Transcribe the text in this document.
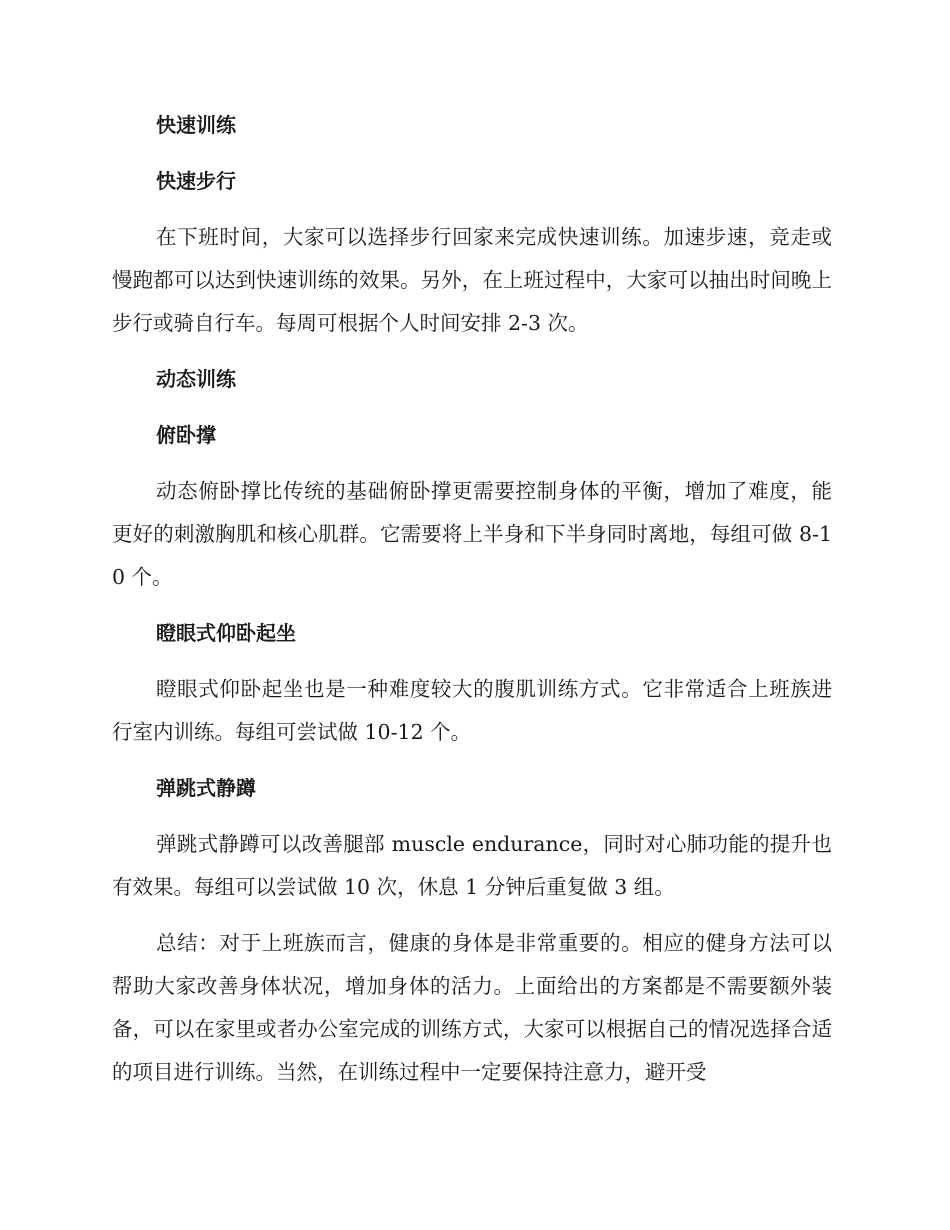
快速训练
快速步行

在下班时间，大家可以选择步行回家来完成快速训练。加速步速，竞走或慢跑都可以达到快速训练的效果。另外，在上班过程中，大家可以抽出时间晚上步行或骑自行车。每周可根据个人时间安排 2-3 次。

动态训练
俯卧撑

动态俯卧撑比传统的基础俯卧撑更需要控制身体的平衡，增加了难度，能更好的刺激胸肌和核心肌群。它需要将上半身和下半身同时离地，每组可做 8-10 个。

瞪眼式仰卧起坐

瞪眼式仰卧起坐也是一种难度较大的腹肌训练方式。它非常适合上班族进行室内训练。每组可尝试做 10-12 个。

弹跳式静蹲

弹跳式静蹲可以改善腿部 muscle endurance，同时对心肺功能的提升也有效果。每组可以尝试做 10 次，休息 1 分钟后重复做 3 组。

总结：对于上班族而言，健康的身体是非常重要的。相应的健身方法可以帮助大家改善身体状况，增加身体的活力。上面给出的方案都是不需要额外装备，可以在家里或者办公室完成的训练方式，大家可以根据自己的情况选择合适的项目进行训练。当然，在训练过程中一定要保持注意力，避开受
